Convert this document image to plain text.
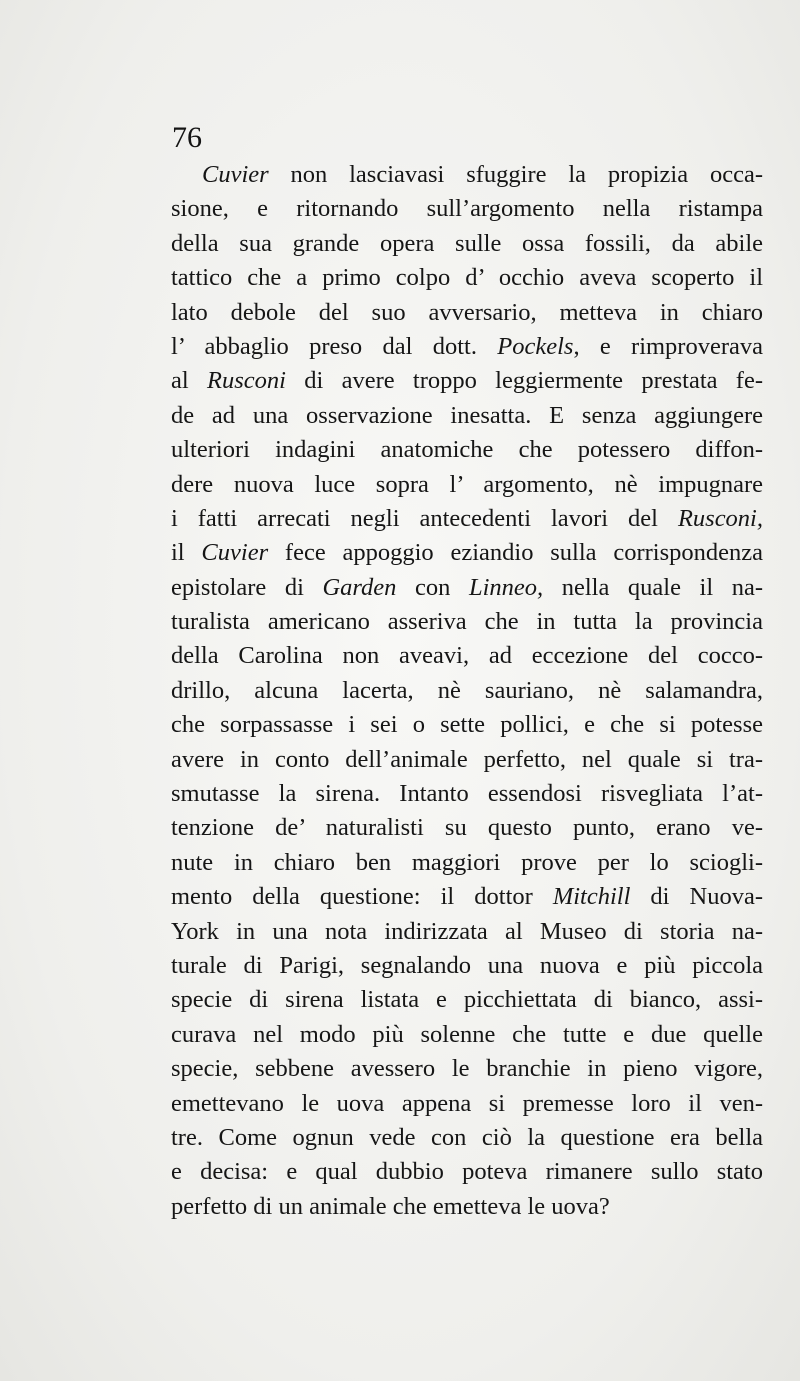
76
Cuvier non lasciavasi sfuggire la propizia occa-
sione, e ritornando sull’argomento nella ristampa
della sua grande opera sulle ossa fossili, da abile
tattico che a primo colpo d’ occhio aveva scoperto il
lato debole del suo avversario, metteva in chiaro
l’ abbaglio preso dal dott. Pockels, e rimproverava
al Rusconi di avere troppo leggiermente prestata fe-
de ad una osservazione inesatta. E senza aggiungere
ulteriori indagini anatomiche che potessero diffon-
dere nuova luce sopra l’ argomento, nè impugnare
i fatti arrecati negli antecedenti lavori del Rusconi,
il Cuvier fece appoggio eziandio sulla corrispondenza
epistolare di Garden con Linneo, nella quale il na-
turalista americano asseriva che in tutta la provincia
della Carolina non aveavi, ad eccezione del cocco-
drillo, alcuna lacerta, nè sauriano, nè salamandra,
che sorpassasse i sei o sette pollici, e che si potesse
avere in conto dell’animale perfetto, nel quale si tra-
smutasse la sirena. Intanto essendosi risvegliata l’at-
tenzione de’ naturalisti su questo punto, erano ve-
nute in chiaro ben maggiori prove per lo sciogli-
mento della questione: il dottor Mitchill di Nuova-
York in una nota indirizzata al Museo di storia na-
turale di Parigi, segnalando una nuova e più piccola
specie di sirena listata e picchiettata di bianco, assi-
curava nel modo più solenne che tutte e due quelle
specie, sebbene avessero le branchie in pieno vigore,
emettevano le uova appena si premesse loro il ven-
tre. Come ognun vede con ciò la questione era bella
e decisa: e qual dubbio poteva rimanere sullo stato
perfetto di un animale che emetteva le uova?
